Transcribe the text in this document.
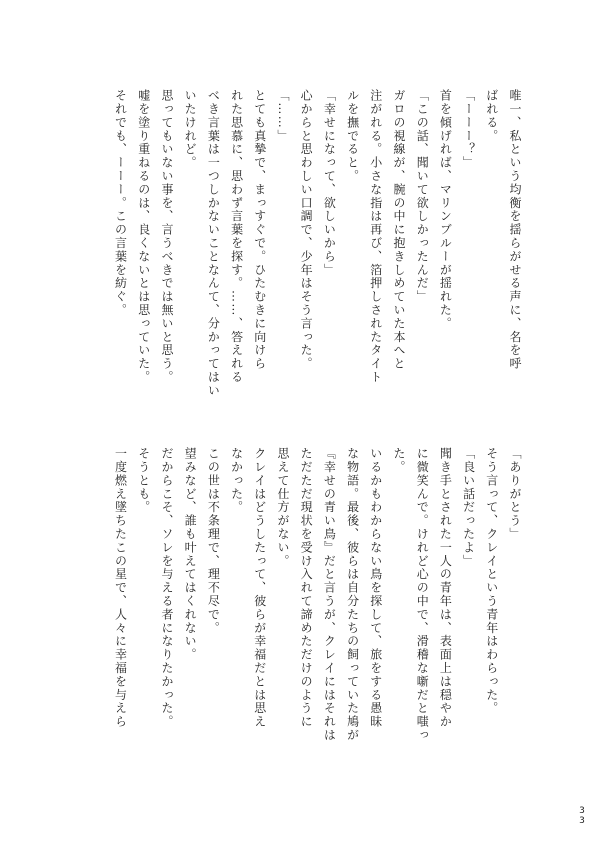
唯一、私という均衡を揺らがせる声に、名を呼
ばれる。
「ーーー？」
首を傾げれば、マリンブルーが揺れた。
「この話、聞いて欲しかったんだ」
ガロの視線が、腕の中に抱きしめていた本へと
注がれる。小さな指は再び、箔押しされたタイト
ルを撫でると。
「幸せになって、欲しいから」
心からと思わしい口調で、少年はそう言った。
「……」
とても真摯で、まっすぐで。ひたむきに向けら
れた思慕に、思わず言葉を探す。……、答えれる
べき言葉は一つしかないことなんて、分かってはい
いたけれど。
思ってもいない事を、言うべきでは無いと思う。
嘘を塗り重ねるのは、良くないとは思っていた。
それでも、ーーー。この言葉を紡ぐ。
「ありがとう」
そう言って、クレイという青年はわらった。
「良い話だったよ」
聞き手とされた一人の青年は、表面上は穏やか
に微笑んで。けれど心の中で、滑稽な噺だと嗤っ
た。
いるかもわからない鳥を探して、旅をする愚昧
な物語。最後、彼らは自分たちの飼っていた鳩が
『幸せの青い鳥』だと言うが、クレイにはそれは
ただただ現状を受け入れて諦めただけのように
思えて仕方がない。
クレイはどうしたって、彼らが幸福だとは思え
なかった。
この世は不条理で、理不尽で。
望みなど、誰も叶えてはくれない。
だからこそ、ソレを与える者になりたかった。
そうとも。
一度燃え墜ちたこの星で、人々に幸福を与えら
33
